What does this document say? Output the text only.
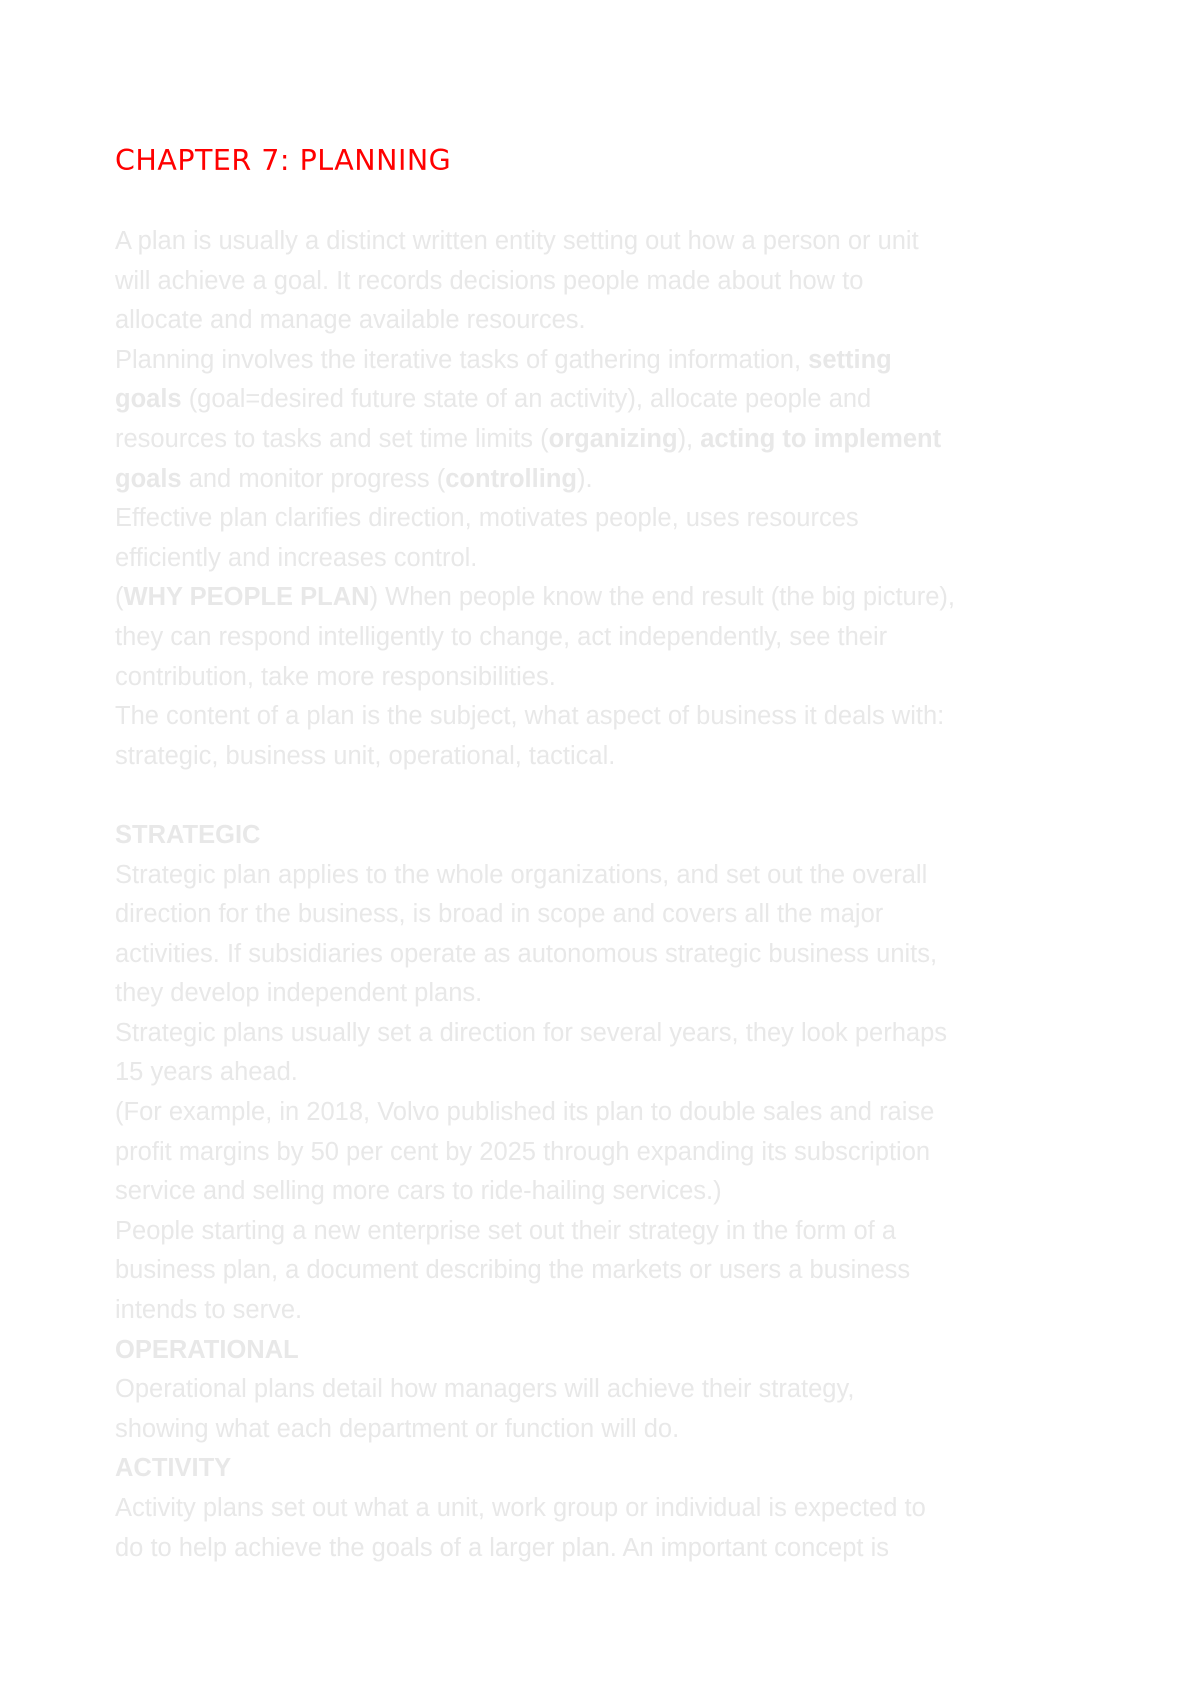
CHAPTER 7: PLANNING
A plan is usually a distinct written entity setting out how a person or unit
will achieve a goal. It records decisions people made about how to
allocate and manage available resources.
Planning involves the iterative tasks of gathering information, setting
goals (goal=desired future state of an activity), allocate people and
resources to tasks and set time limits (organizing), acting to implement
goals and monitor progress (controlling).
Effective plan clarifies direction, motivates people, uses resources
efficiently and increases control.
(WHY PEOPLE PLAN) When people know the end result (the big picture),
they can respond intelligently to change, act independently, see their
contribution, take more responsibilities.
The content of a plan is the subject, what aspect of business it deals with:
strategic, business unit, operational, tactical.
STRATEGIC
Strategic plan applies to the whole organizations, and set out the overall
direction for the business, is broad in scope and covers all the major
activities. If subsidiaries operate as autonomous strategic business units,
they develop independent plans.
Strategic plans usually set a direction for several years, they look perhaps
15 years ahead.
(For example, in 2018, Volvo published its plan to double sales and raise
profit margins by 50 per cent by 2025 through expanding its subscription
service and selling more cars to ride-hailing services.)
People starting a new enterprise set out their strategy in the form of a
business plan, a document describing the markets or users a business
intends to serve.
OPERATIONAL
Operational plans detail how managers will achieve their strategy,
showing what each department or function will do.
ACTIVITY
Activity plans set out what a unit, work group or individual is expected to
do to help achieve the goals of a larger plan. An important concept is
